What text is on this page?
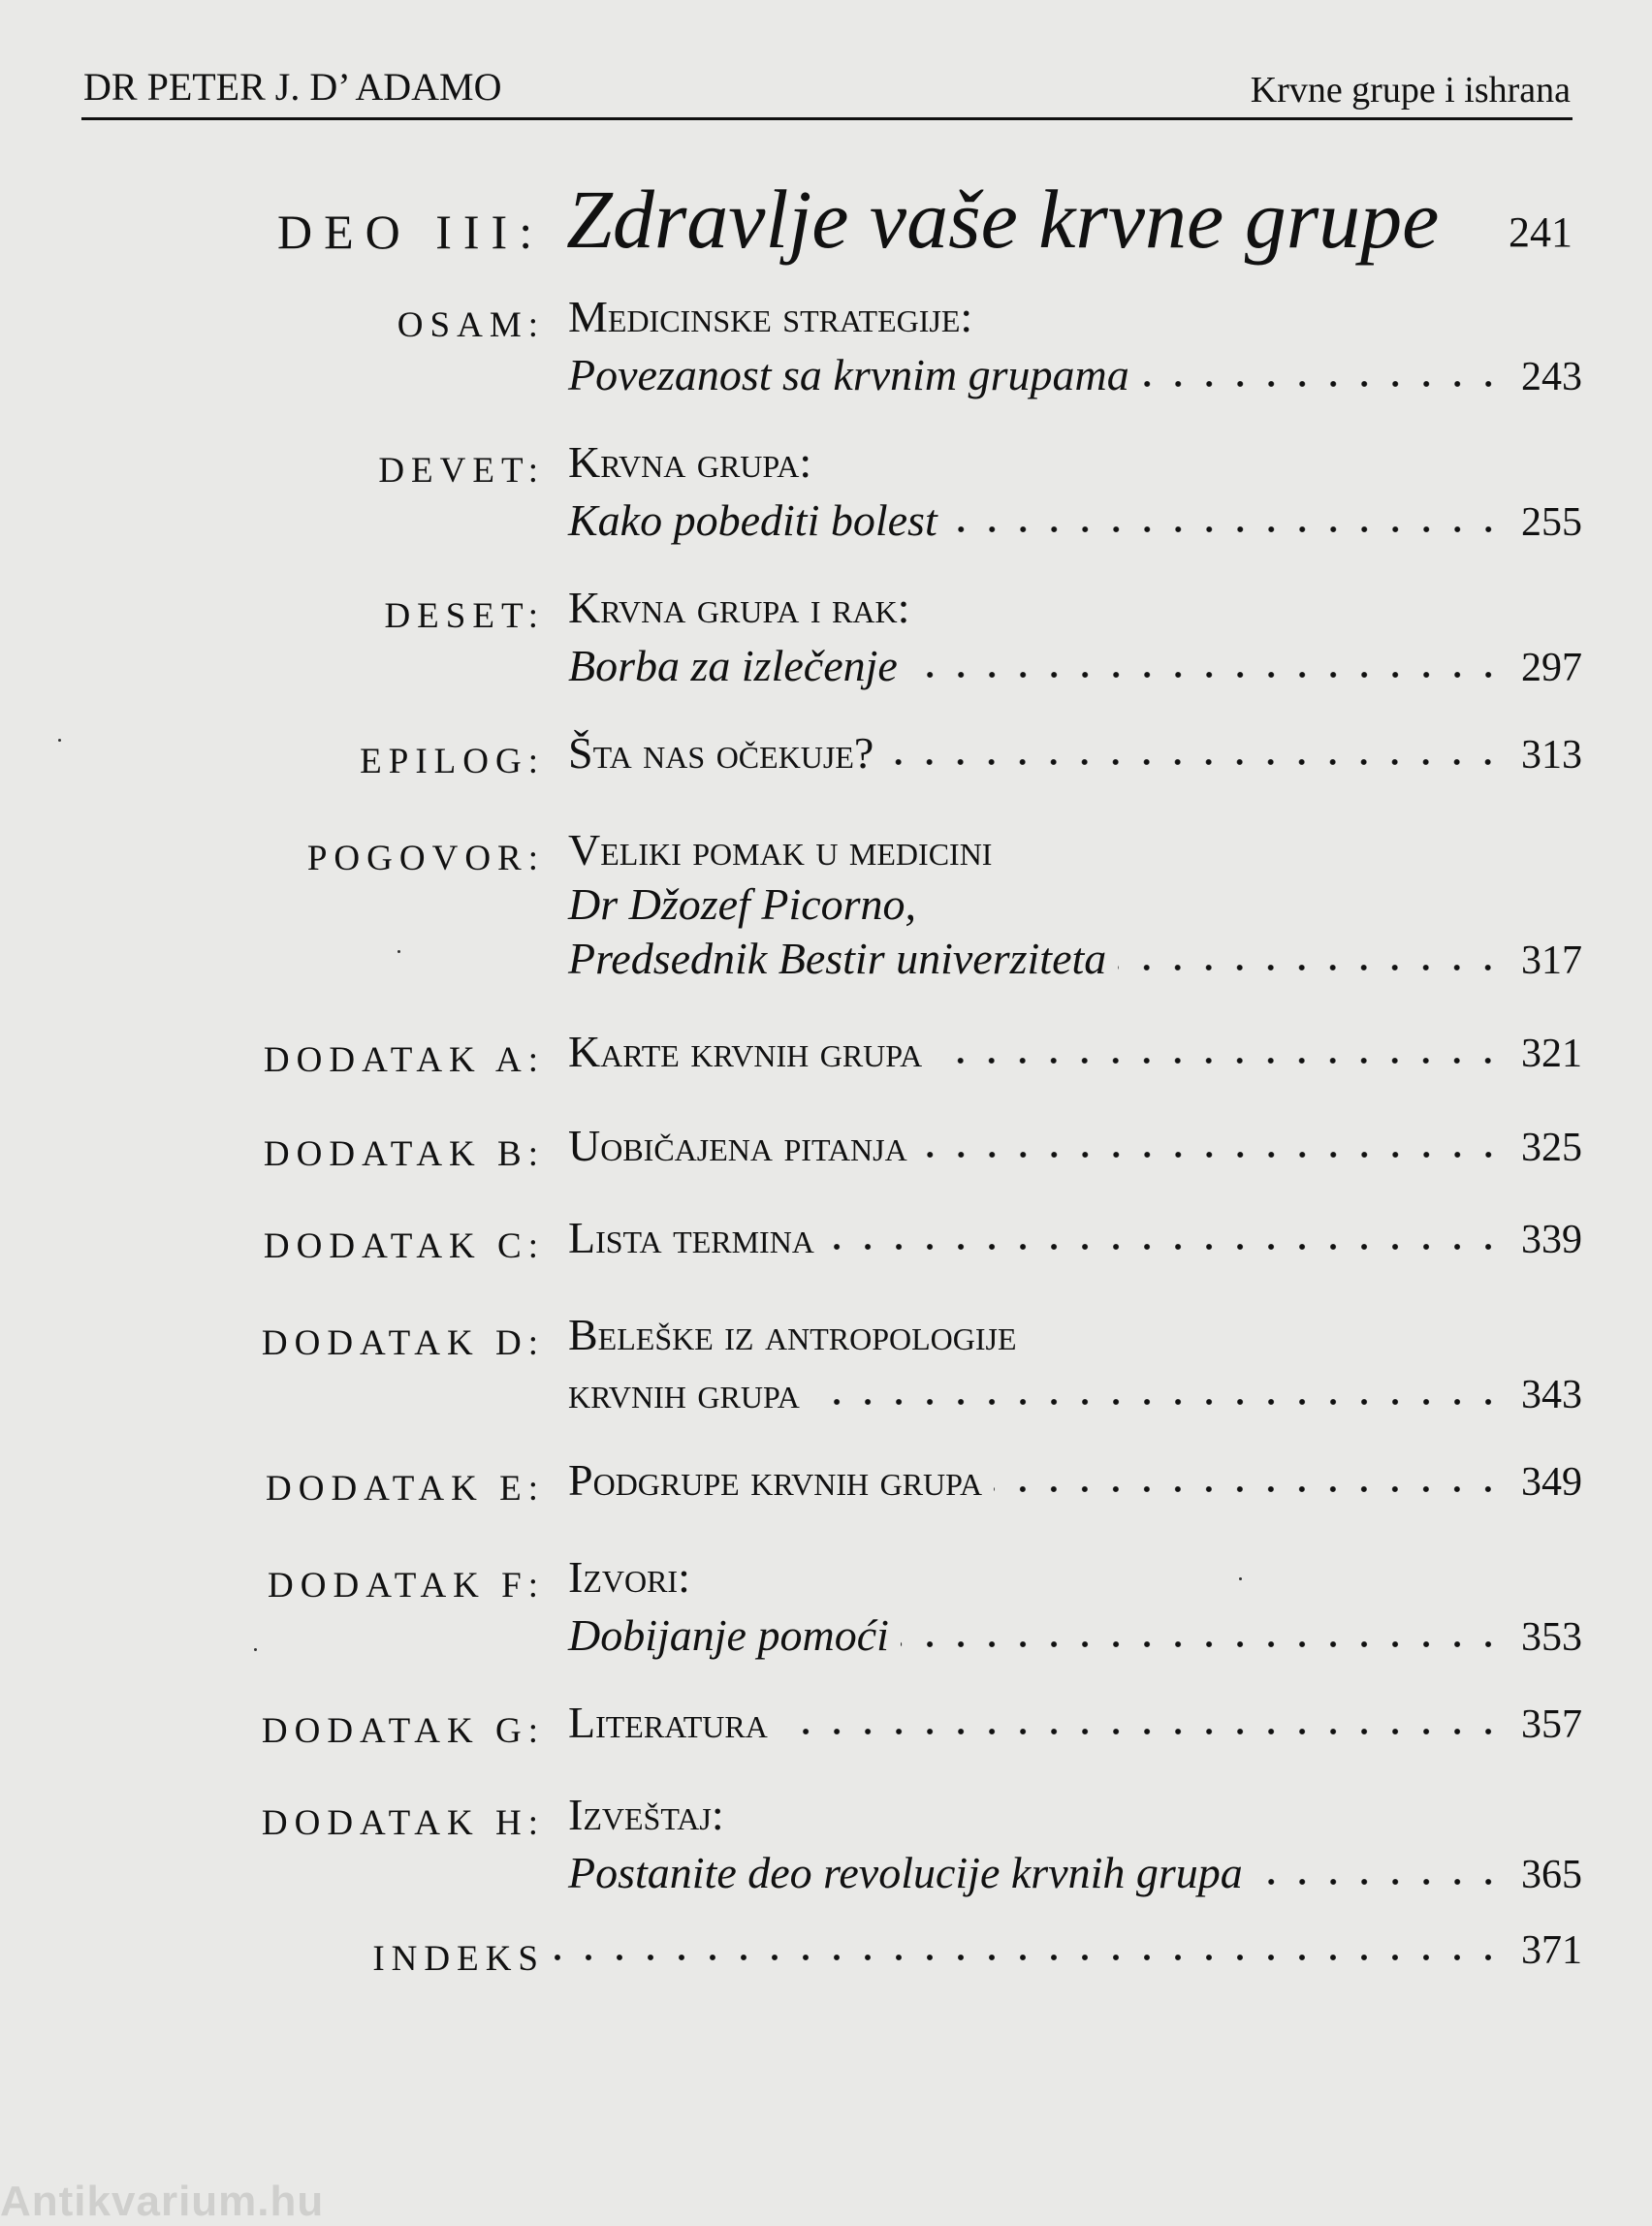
DR PETER J. D’ ADAMO	Krvne grupe i ishrana
DEO III: Zdravlje vaše krvne grupe 241
OSAM: Medicinske strategije:
Povezanost sa krvnim grupama	243
DEVET: Krvna grupa:
Kako pobediti bolest	255
DESET: Krvna grupa i rak:
Borba za izlečenje	297
EPILOG: Šta nas očekuje?	313
POGOVOR: Veliki pomak u medicini
Dr Džozef Picorno,
Predsednik Bestir univerziteta	317
DODATAK A: Karte krvnih grupa	321
DODATAK B: Uobičajena pitanja	325
DODATAK C: Lista termina	339
DODATAK D: Beleške iz antropologije
krvnih grupa	343
DODATAK E: Podgrupe krvnih grupa	349
DODATAK F: Izvori:
Dobijanje pomoći	353
DODATAK G: Literatura	357
DODATAK H: Izveštaj:
Postanite deo revolucije krvnih grupa	365
INDEKS	371
Antikvarium.hu
